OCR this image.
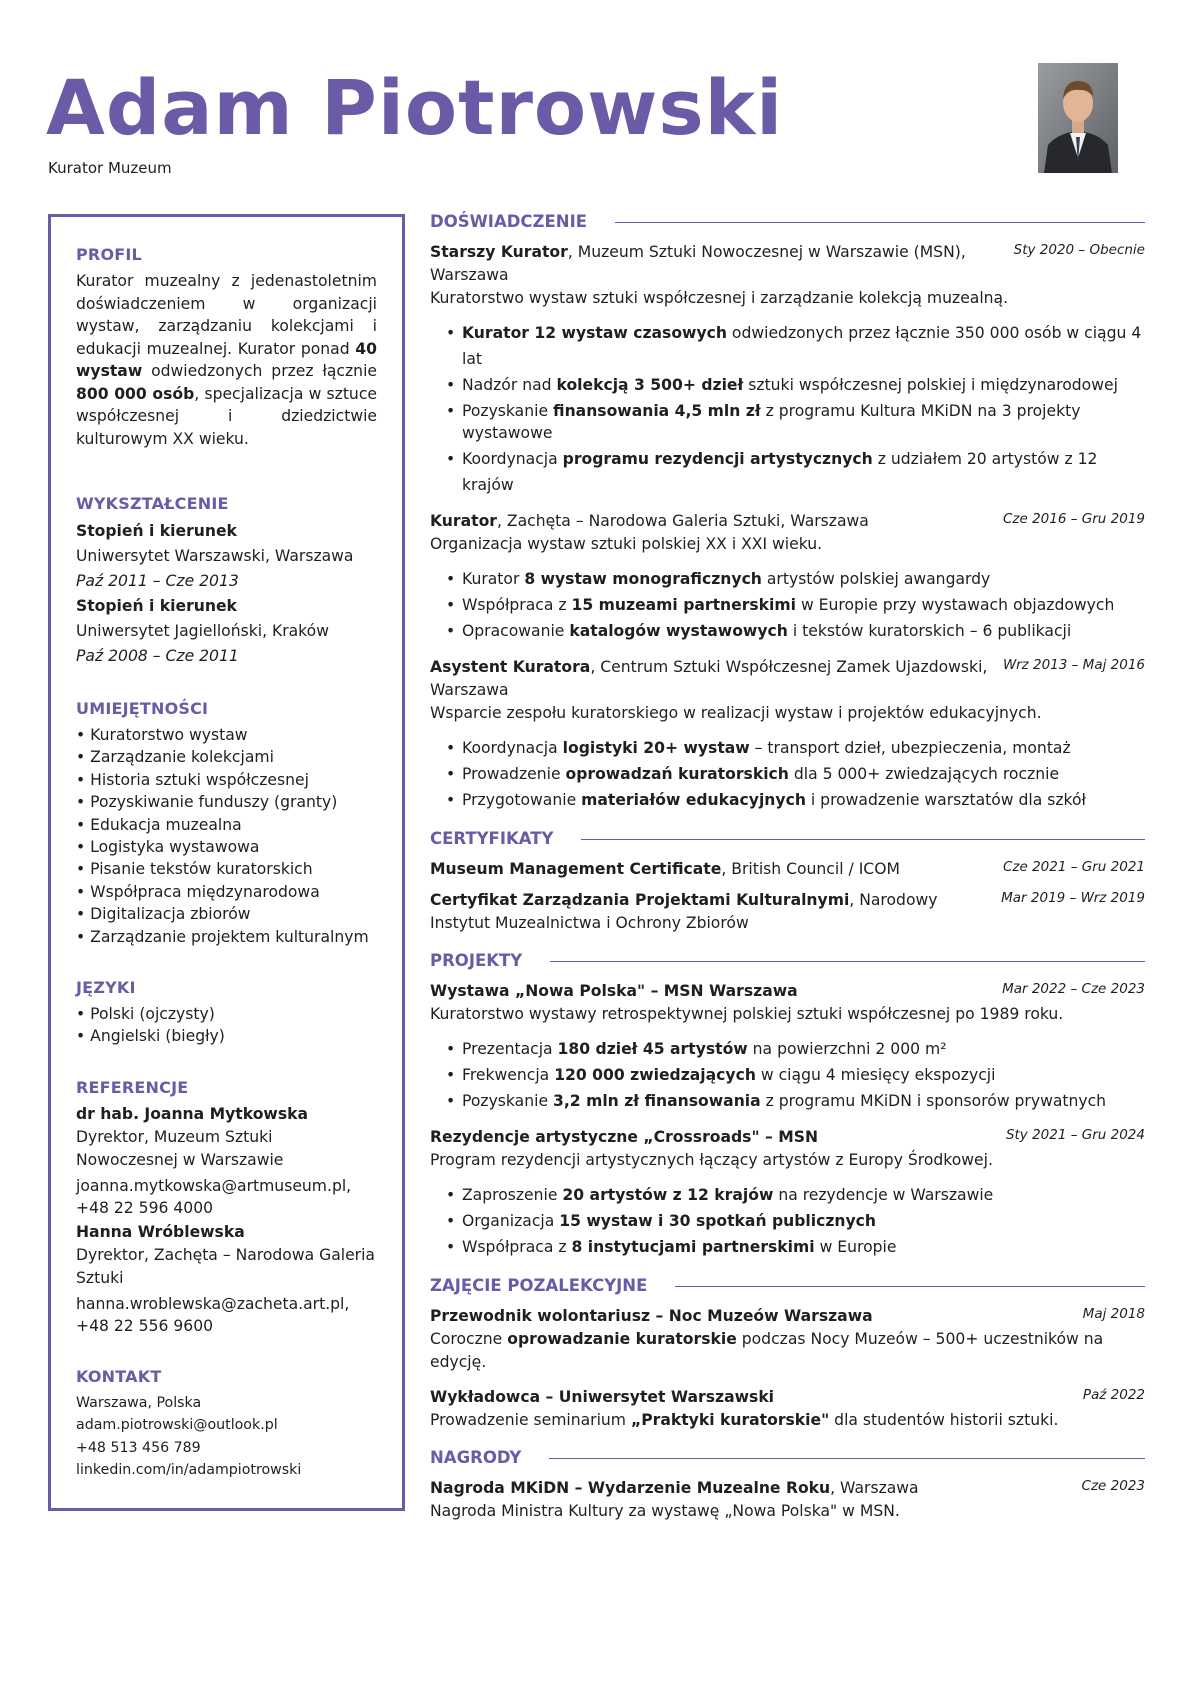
Adam Piotrowski
Kurator Muzeum
PROFIL
Kurator muzealny z jedenastoletnim doświadczeniem w organizacji wystaw, zarządzaniu kolekcjami i edukacji muzealnej. Kurator ponad 40 wystaw odwiedzonych przez łącznie 800 000 osób, specjalizacja w sztuce współczesnej i dziedzictwie kulturowym XX wieku.
WYKSZTAŁCENIE
Stopień i kierunek
Uniwersytet Warszawski, Warszawa
Paź 2011 – Cze 2013
Stopień i kierunek
Uniwersytet Jagielloński, Kraków
Paź 2008 – Cze 2011
UMIEJĘTNOŚCI
• Kuratorstwo wystaw
• Zarządzanie kolekcjami
• Historia sztuki współczesnej
• Pozyskiwanie funduszy (granty)
• Edukacja muzealna
• Logistyka wystawowa
• Pisanie tekstów kuratorskich
• Współpraca międzynarodowa
• Digitalizacja zbiorów
• Zarządzanie projektem kulturalnym
JĘZYKI
• Polski (ojczysty)
• Angielski (biegły)
REFERENCJE
dr hab. Joanna Mytkowska
Dyrektor, Muzeum Sztuki Nowoczesnej w Warszawie
joanna.mytkowska@artmuseum.pl,
+48 22 596 4000
Hanna Wróblewska
Dyrektor, Zachęta – Narodowa Galeria Sztuki
hanna.wroblewska@zacheta.art.pl,
+48 22 556 9600
KONTAKT
Warszawa, Polska
adam.piotrowski@outlook.pl
+48 513 456 789
linkedin.com/in/adampiotrowski
DOŚWIADCZENIE
Starszy Kurator, Muzeum Sztuki Nowoczesnej w Warszawie (MSN), Warszawa
Sty 2020 – Obecnie
Kuratorstwo wystaw sztuki współczesnej i zarządzanie kolekcją muzealną.
• Kurator 12 wystaw czasowych odwiedzonych przez łącznie 350 000 osób w ciągu 4 lat
• Nadzór nad kolekcją 3 500+ dzieł sztuki współczesnej polskiej i międzynarodowej
• Pozyskanie finansowania 4,5 mln zł z programu Kultura MKiDN na 3 projekty wystawowe
• Koordynacja programu rezydencji artystycznych z udziałem 20 artystów z 12 krajów
Kurator, Zachęta – Narodowa Galeria Sztuki, Warszawa	Cze 2016 – Gru 2019
Organizacja wystaw sztuki polskiej XX i XXI wieku.
• Kurator 8 wystaw monograficznych artystów polskiej awangardy
• Współpraca z 15 muzeami partnerskimi w Europie przy wystawach objazdowych
• Opracowanie katalogów wystawowych i tekstów kuratorskich – 6 publikacji
Asystent Kuratora, Centrum Sztuki Współczesnej Zamek Ujazdowski, Warszawa
Wrz 2013 – Maj 2016
Wsparcie zespołu kuratorskiego w realizacji wystaw i projektów edukacyjnych.
• Koordynacja logistyki 20+ wystaw – transport dzieł, ubezpieczenia, montaż
• Prowadzenie oprowadzań kuratorskich dla 5 000+ zwiedzających rocznie
• Przygotowanie materiałów edukacyjnych i prowadzenie warsztatów dla szkół
CERTYFIKATY
Museum Management Certificate, British Council / ICOM	Cze 2021 – Gru 2021
Certyfikat Zarządzania Projektami Kulturalnymi, Narodowy Instytut Muzealnictwa i Ochrony Zbiorów
Mar 2019 – Wrz 2019
PROJEKTY
Wystawa „Nowa Polska" – MSN Warszawa	Mar 2022 – Cze 2023
Kuratorstwo wystawy retrospektywnej polskiej sztuki współczesnej po 1989 roku.
• Prezentacja 180 dzieł 45 artystów na powierzchni 2 000 m²
• Frekwencja 120 000 zwiedzających w ciągu 4 miesięcy ekspozycji
• Pozyskanie 3,2 mln zł finansowania z programu MKiDN i sponsorów prywatnych
Rezydencje artystyczne „Crossroads" – MSN	Sty 2021 – Gru 2024
Program rezydencji artystycznych łączący artystów z Europy Środkowej.
• Zaproszenie 20 artystów z 12 krajów na rezydencje w Warszawie
• Organizacja 15 wystaw i 30 spotkań publicznych
• Współpraca z 8 instytucjami partnerskimi w Europie
ZAJĘCIE POZALEKCYJNE
Przewodnik wolontariusz – Noc Muzeów Warszawa	Maj 2018
Coroczne oprowadzanie kuratorskie podczas Nocy Muzeów – 500+ uczestników na edycję.
Wykładowca – Uniwersytet Warszawski	Paź 2022
Prowadzenie seminarium „Praktyki kuratorskie" dla studentów historii sztuki.
NAGRODY
Nagroda MKiDN – Wydarzenie Muzealne Roku, Warszawa	Cze 2023
Nagroda Ministra Kultury za wystawę „Nowa Polska" w MSN.
